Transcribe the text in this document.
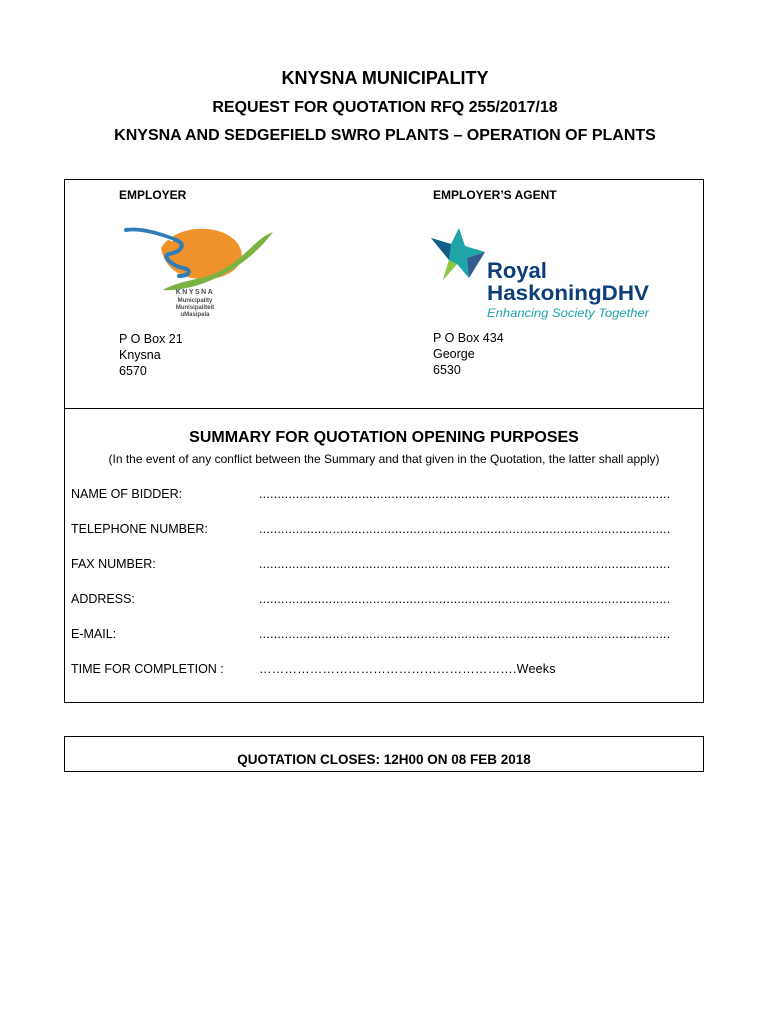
KNYSNA MUNICIPALITY
REQUEST FOR QUOTATION RFQ 255/2017/18
KNYSNA AND SEDGEFIELD SWRO PLANTS – OPERATION OF PLANTS
EMPLOYER	EMPLOYER’S AGENT
KNYSNA
Municipality
Munisipaliteit
uMasipala
Royal
HaskoningDHV
Enhancing Society Together
P O Box 21
Knysna
6570
P O Box 434
George
6530
SUMMARY FOR QUOTATION OPENING PURPOSES
(In the event of any conflict between the Summary and that given in the Quotation, the latter shall apply)
NAME OF BIDDER:	................................................................................................................
TELEPHONE NUMBER:	................................................................................................................
FAX NUMBER:	................................................................................................................
ADDRESS:	................................................................................................................
E-MAIL:	................................................................................................................
TIME FOR COMPLETION :	…………………………………………………….Weeks
QUOTATION CLOSES: 12H00 ON 08 FEB 2018
